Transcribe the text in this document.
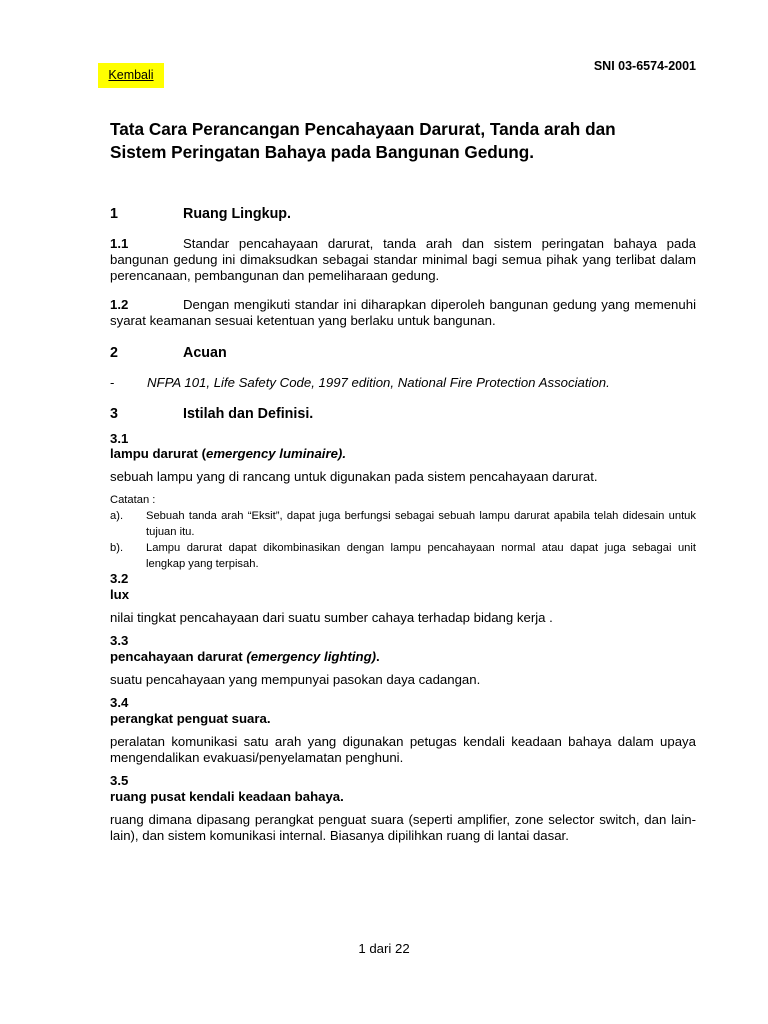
Kembali
SNI 03-6574-2001
Tata Cara Perancangan Pencahayaan Darurat, Tanda arah dan
Sistem Peringatan Bahaya pada Bangunan Gedung.
1	Ruang Lingkup.
1.1	Standar pencahayaan darurat, tanda arah dan sistem peringatan bahaya pada bangunan gedung ini dimaksudkan sebagai standar minimal bagi semua pihak yang terlibat dalam perencanaan, pembangunan dan pemeliharaan gedung.
1.2	Dengan mengikuti standar ini diharapkan diperoleh bangunan gedung yang memenuhi syarat keamanan sesuai ketentuan yang berlaku untuk bangunan.
2	Acuan
- NFPA 101, Life Safety Code, 1997 edition, National Fire Protection Association.
3	Istilah dan Definisi.
3.1
lampu darurat (emergency luminaire).
sebuah lampu yang di rancang untuk digunakan pada sistem pencahayaan darurat.
Catatan :
a). Sebuah tanda arah “Eksit”, dapat juga berfungsi sebagai sebuah lampu darurat apabila telah didesain untuk tujuan itu.
b). Lampu darurat dapat dikombinasikan dengan lampu pencahayaan normal atau dapat juga sebagai unit lengkap yang terpisah.
3.2
lux
nilai tingkat pencahayaan dari suatu sumber cahaya terhadap bidang kerja .
3.3
pencahayaan darurat (emergency lighting).
suatu pencahayaan yang mempunyai pasokan daya cadangan.
3.4
perangkat penguat suara.
peralatan komunikasi satu arah yang digunakan petugas kendali keadaan bahaya dalam upaya mengendalikan evakuasi/penyelamatan penghuni.
3.5
ruang pusat kendali keadaan bahaya.
ruang dimana dipasang perangkat penguat suara (seperti amplifier, zone selector switch, dan lain-lain), dan sistem komunikasi internal. Biasanya dipilihkan ruang di lantai dasar.
1 dari 22
